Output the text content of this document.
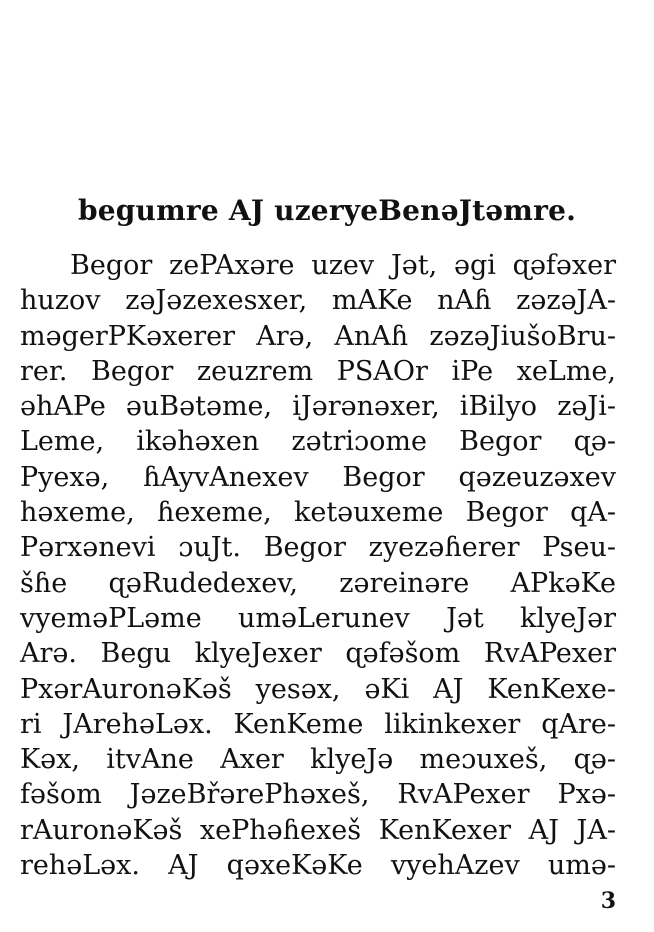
begumre AJ uzeryeBenəJtəmre.
Begor zePAxəre uzev Jət, əgi ɋəfəxer
huzov zəJəzexesxer, mAKe nAɦ zəzəJA-
məgerPKəxerer Arə, AnAɦ zəzəJiušoBru-
rer. Begor zeuzrem PSAOr iPe xeLme,
əhAPe əuBətəme, iJərənəxer, iBilyo zəJi-
Leme, ikəhəxen zətriɔome Begor ɋə-
Pyexə, ɦAyvAnexev Begor qəzeuzəxev
həxeme, ɦexeme, ketəuxeme Begor qA-
Pərxənevi ɔuJt. Begor zyezəɦerer Pseu-
šɦe ɋəRudedexev, zəreinəre APkəKe
vyeməPLəme uməLerunev Jət klyeJər
Arə. Begu klyeJexer ɋəfəšom RvAPexer
PxərAuronəKəš yesəx, əKi AJ KenKexe-
ri JArehəLəx. KenKeme likinkexer qAre-
Kəx, itvAne Axer klyeJə meɔuxeš, ɋə-
fəšom JəzeBřərePhəxeš, RvAPexer Pxə-
rAuronəKəš xePhəɦexeš KenKexer AJ JA-
rehəLəx. AJ qəxeKəKe vyehAzev umə-
3
